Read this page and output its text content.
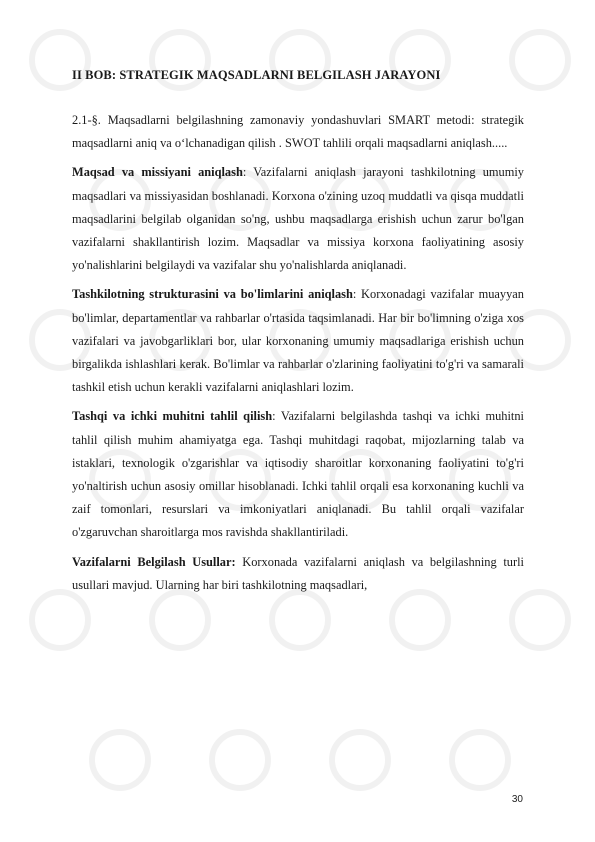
II BOB: STRATEGIK MAQSADLARNI BELGILASH JARAYONI

2.1-§. Maqsadlarni belgilashning zamonaviy yondashuvlari SMART metodi: strategik maqsadlarni aniq va o‘lchanadigan qilish . SWOT tahlili orqali maqsadlarni aniqlash.....

Maqsad va missiyani aniqlash: Vazifalarni aniqlash jarayoni tashkilotning umumiy maqsadlari va missiyasidan boshlanadi. Korxona o'zining uzoq muddatli va qisqa muddatli maqsadlarini belgilab olganidan so'ng, ushbu maqsadlarga erishish uchun zarur bo'lgan vazifalarni shakllantirish lozim. Maqsadlar va missiya korxona faoliyatining asosiy yo'nalishlarini belgilaydi va vazifalar shu yo'nalishlarda aniqlanadi.

Tashkilotning strukturasini va bo'limlarini aniqlash: Korxonadagi vazifalar muayyan bo'limlar, departamentlar va rahbarlar o'rtasida taqsimlanadi. Har bir bo'limning o'ziga xos vazifalari va javobgarliklari bor, ular korxonaning umumiy maqsadlariga erishish uchun birgalikda ishlashlari kerak. Bo'limlar va rahbarlar o'zlarining faoliyatini to'g'ri va samarali tashkil etish uchun kerakli vazifalarni aniqlashlari lozim.

Tashqi va ichki muhitni tahlil qilish: Vazifalarni belgilashda tashqi va ichki muhitni tahlil qilish muhim ahamiyatga ega. Tashqi muhitdagi raqobat, mijozlarning talab va istaklari, texnologik o'zgarishlar va iqtisodiy sharoitlar korxonaning faoliyatini to'g'ri yo'naltirish uchun asosiy omillar hisoblanadi. Ichki tahlil orqali esa korxonaning kuchli va zaif tomonlari, resurslari va imkoniyatlari aniqlanadi. Bu tahlil orqali vazifalar o'zgaruvchan sharoitlarga mos ravishda shakllantiriladi.

Vazifalarni Belgilash Usullar: Korxonada vazifalarni aniqlash va belgilashning turli usullari mavjud. Ularning har biri tashkilotning maqsadlari,

30
